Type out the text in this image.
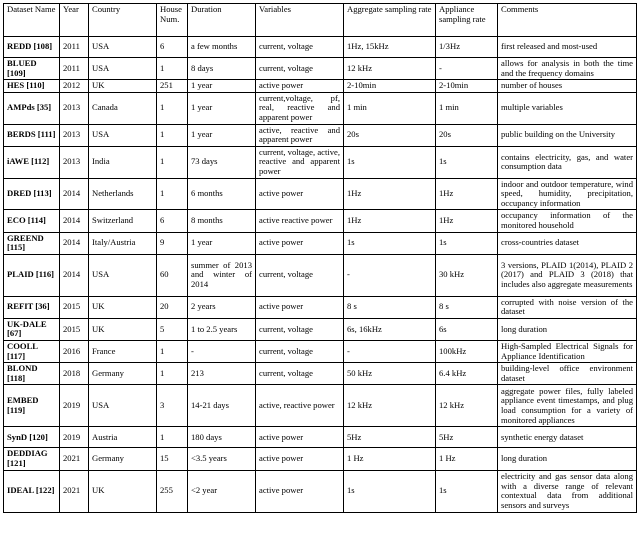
Dataset Name	Year	Country	House Num.	Duration	Variables	Aggregate sampling rate	Appliance sampling rate	Comments
REDD [108]	2011	USA	6	a few months	current, voltage	1Hz, 15kHz	1/3Hz	first released and most-used
BLUED [109]	2011	USA	1	8 days	current, voltage	12 kHz	-	allows for analysis in both the time and the frequency domains
HES [110]	2012	UK	251	1 year	active power	2-10min	2-10min	number of houses
AMPds [35]	2013	Canada	1	1 year	current,voltage, pf, real, reactive and apparent power	1 min	1 min	multiple variables
BERDS [111]	2013	USA	1	1 year	active, reactive and apparent power	20s	20s	public building on the University
iAWE [112]	2013	India	1	73 days	current, voltage, active, reactive and apparent power	1s	1s	contains electricity, gas, and water consumption data
DRED [113]	2014	Netherlands	1	6 months	active power	1Hz	1Hz	indoor and outdoor temperature, wind speed, humidity, precipitation, occupancy information
ECO [114]	2014	Switzerland	6	8 months	active reactive power	1Hz	1Hz	occupancy information of the monitored household
GREEND [115]	2014	Italy/Austria	9	1 year	active power	1s	1s	cross-countries dataset
PLAID [116]	2014	USA	60	summer of 2013 and winter of 2014	current, voltage	-	30 kHz	3 versions, PLAID 1(2014), PLAID 2 (2017) and PLAID 3 (2018) that includes also aggregate measurements
REFIT [36]	2015	UK	20	2 years	active power	8 s	8 s	corrupted with noise version of the dataset
UK-DALE [67]	2015	UK	5	1 to 2.5 years	current, voltage	6s, 16kHz	6s	long duration
COOLL [117]	2016	France	1	-	current, voltage	-	100kHz	High-Sampled Electrical Signals for Appliance Identification
BLOND [118]	2018	Germany	1	213	current, voltage	50 kHz	6.4 kHz	building-level office environment dataset
EMBED [119]	2019	USA	3	14-21 days	active, reactive power	12 kHz	12 kHz	aggregate power files, fully labeled appliance event timestamps, and plug load consumption for a variety of monitored appliances
SynD [120]	2019	Austria	1	180 days	active power	5Hz	5Hz	synthetic energy dataset
DEDDIAG [121]	2021	Germany	15	<3.5 years	active power	1 Hz	1 Hz	long duration
IDEAL [122]	2021	UK	255	<2 year	active power	1s	1s	electricity and gas sensor data along with a diverse range of relevant contextual data from additional sensors and surveys
